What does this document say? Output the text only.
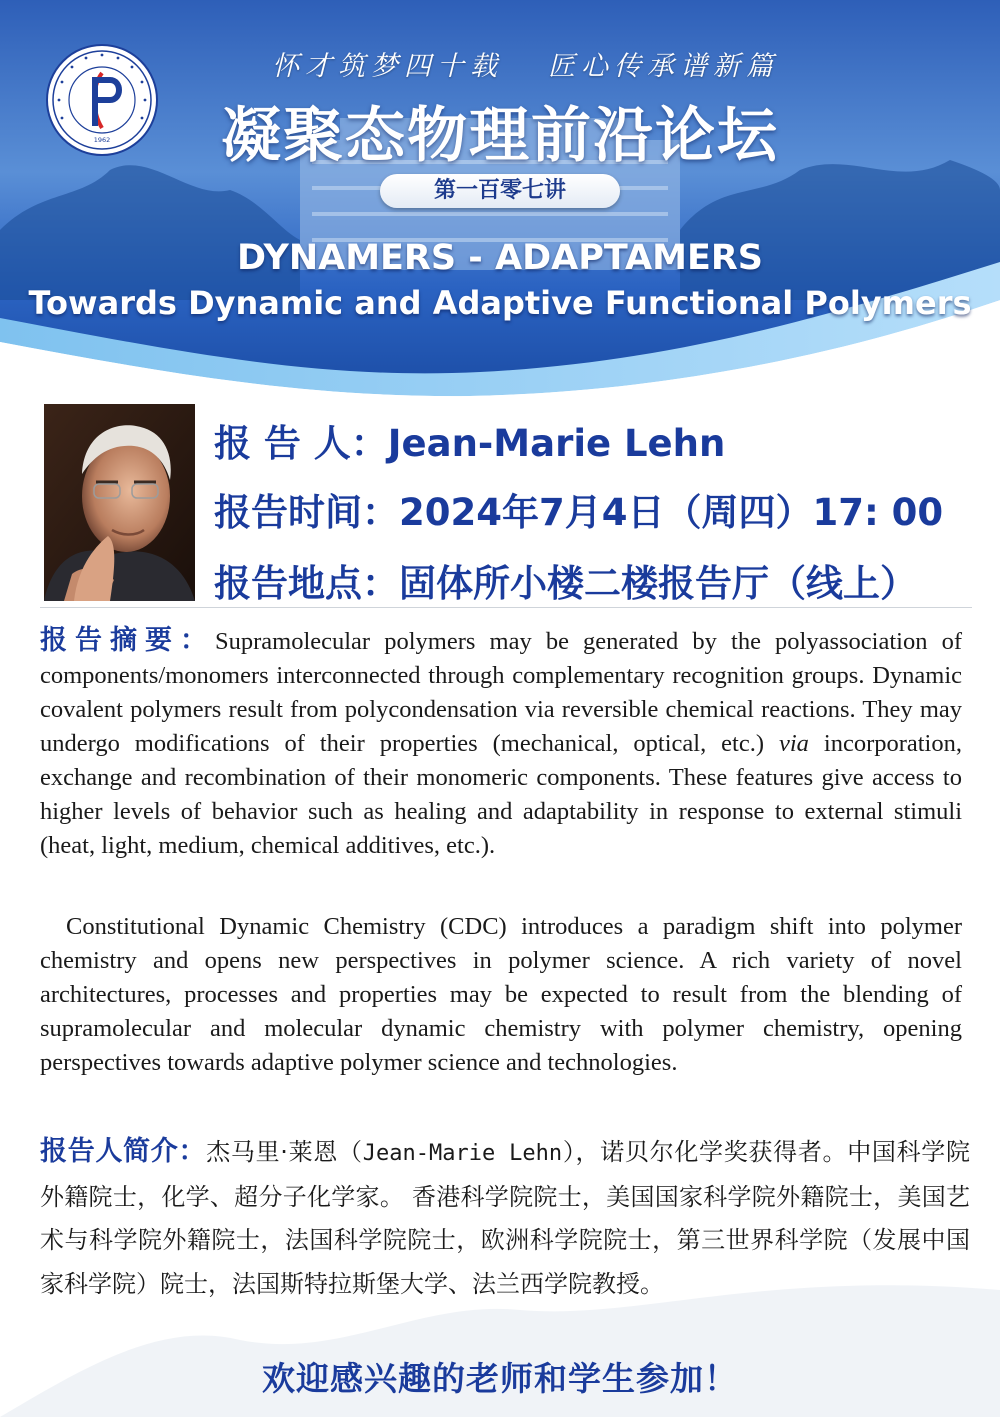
1962
怀才筑梦四十载 匠心传承谱新篇
凝聚态物理前沿论坛
第一百零七讲
DYNAMERS - ADAPTAMERS
Towards Dynamic and Adaptive Functional Polymers
报 告 人：Jean-Marie Lehn
报告时间：2024年7月4日（周四）17: 00
报告地点：固体所小楼二楼报告厅（线上）
报告摘要：Supramolecular polymers may be generated by the polyassociation of components/monomers interconnected through complementary recognition groups. Dynamic covalent polymers result from polycondensation via reversible chemical reactions. They may undergo modifications of their properties (mechanical, optical, etc.) via incorporation, exchange and recombination of their monomeric components. These features give access to higher levels of behavior such as healing and adaptability in response to external stimuli (heat, light, medium, chemical additives, etc.).
Constitutional Dynamic Chemistry (CDC) introduces a paradigm shift into polymer chemistry and opens new perspectives in polymer science. A rich variety of novel architectures, processes and properties may be expected to result from the blending of supramolecular and molecular dynamic chemistry with polymer chemistry, opening perspectives towards adaptive polymer science and technologies.
报告人简介：杰马里·莱恩（Jean-Marie Lehn），诺贝尔化学奖获得者。中国科学院外籍院士，化学、超分子化学家。 香港科学院院士，美国国家科学院外籍院士，美国艺术与科学院外籍院士，法国科学院院士，欧洲科学院院士，第三世界科学院（发展中国家科学院）院士，法国斯特拉斯堡大学、法兰西学院教授。
欢迎感兴趣的老师和学生参加！
